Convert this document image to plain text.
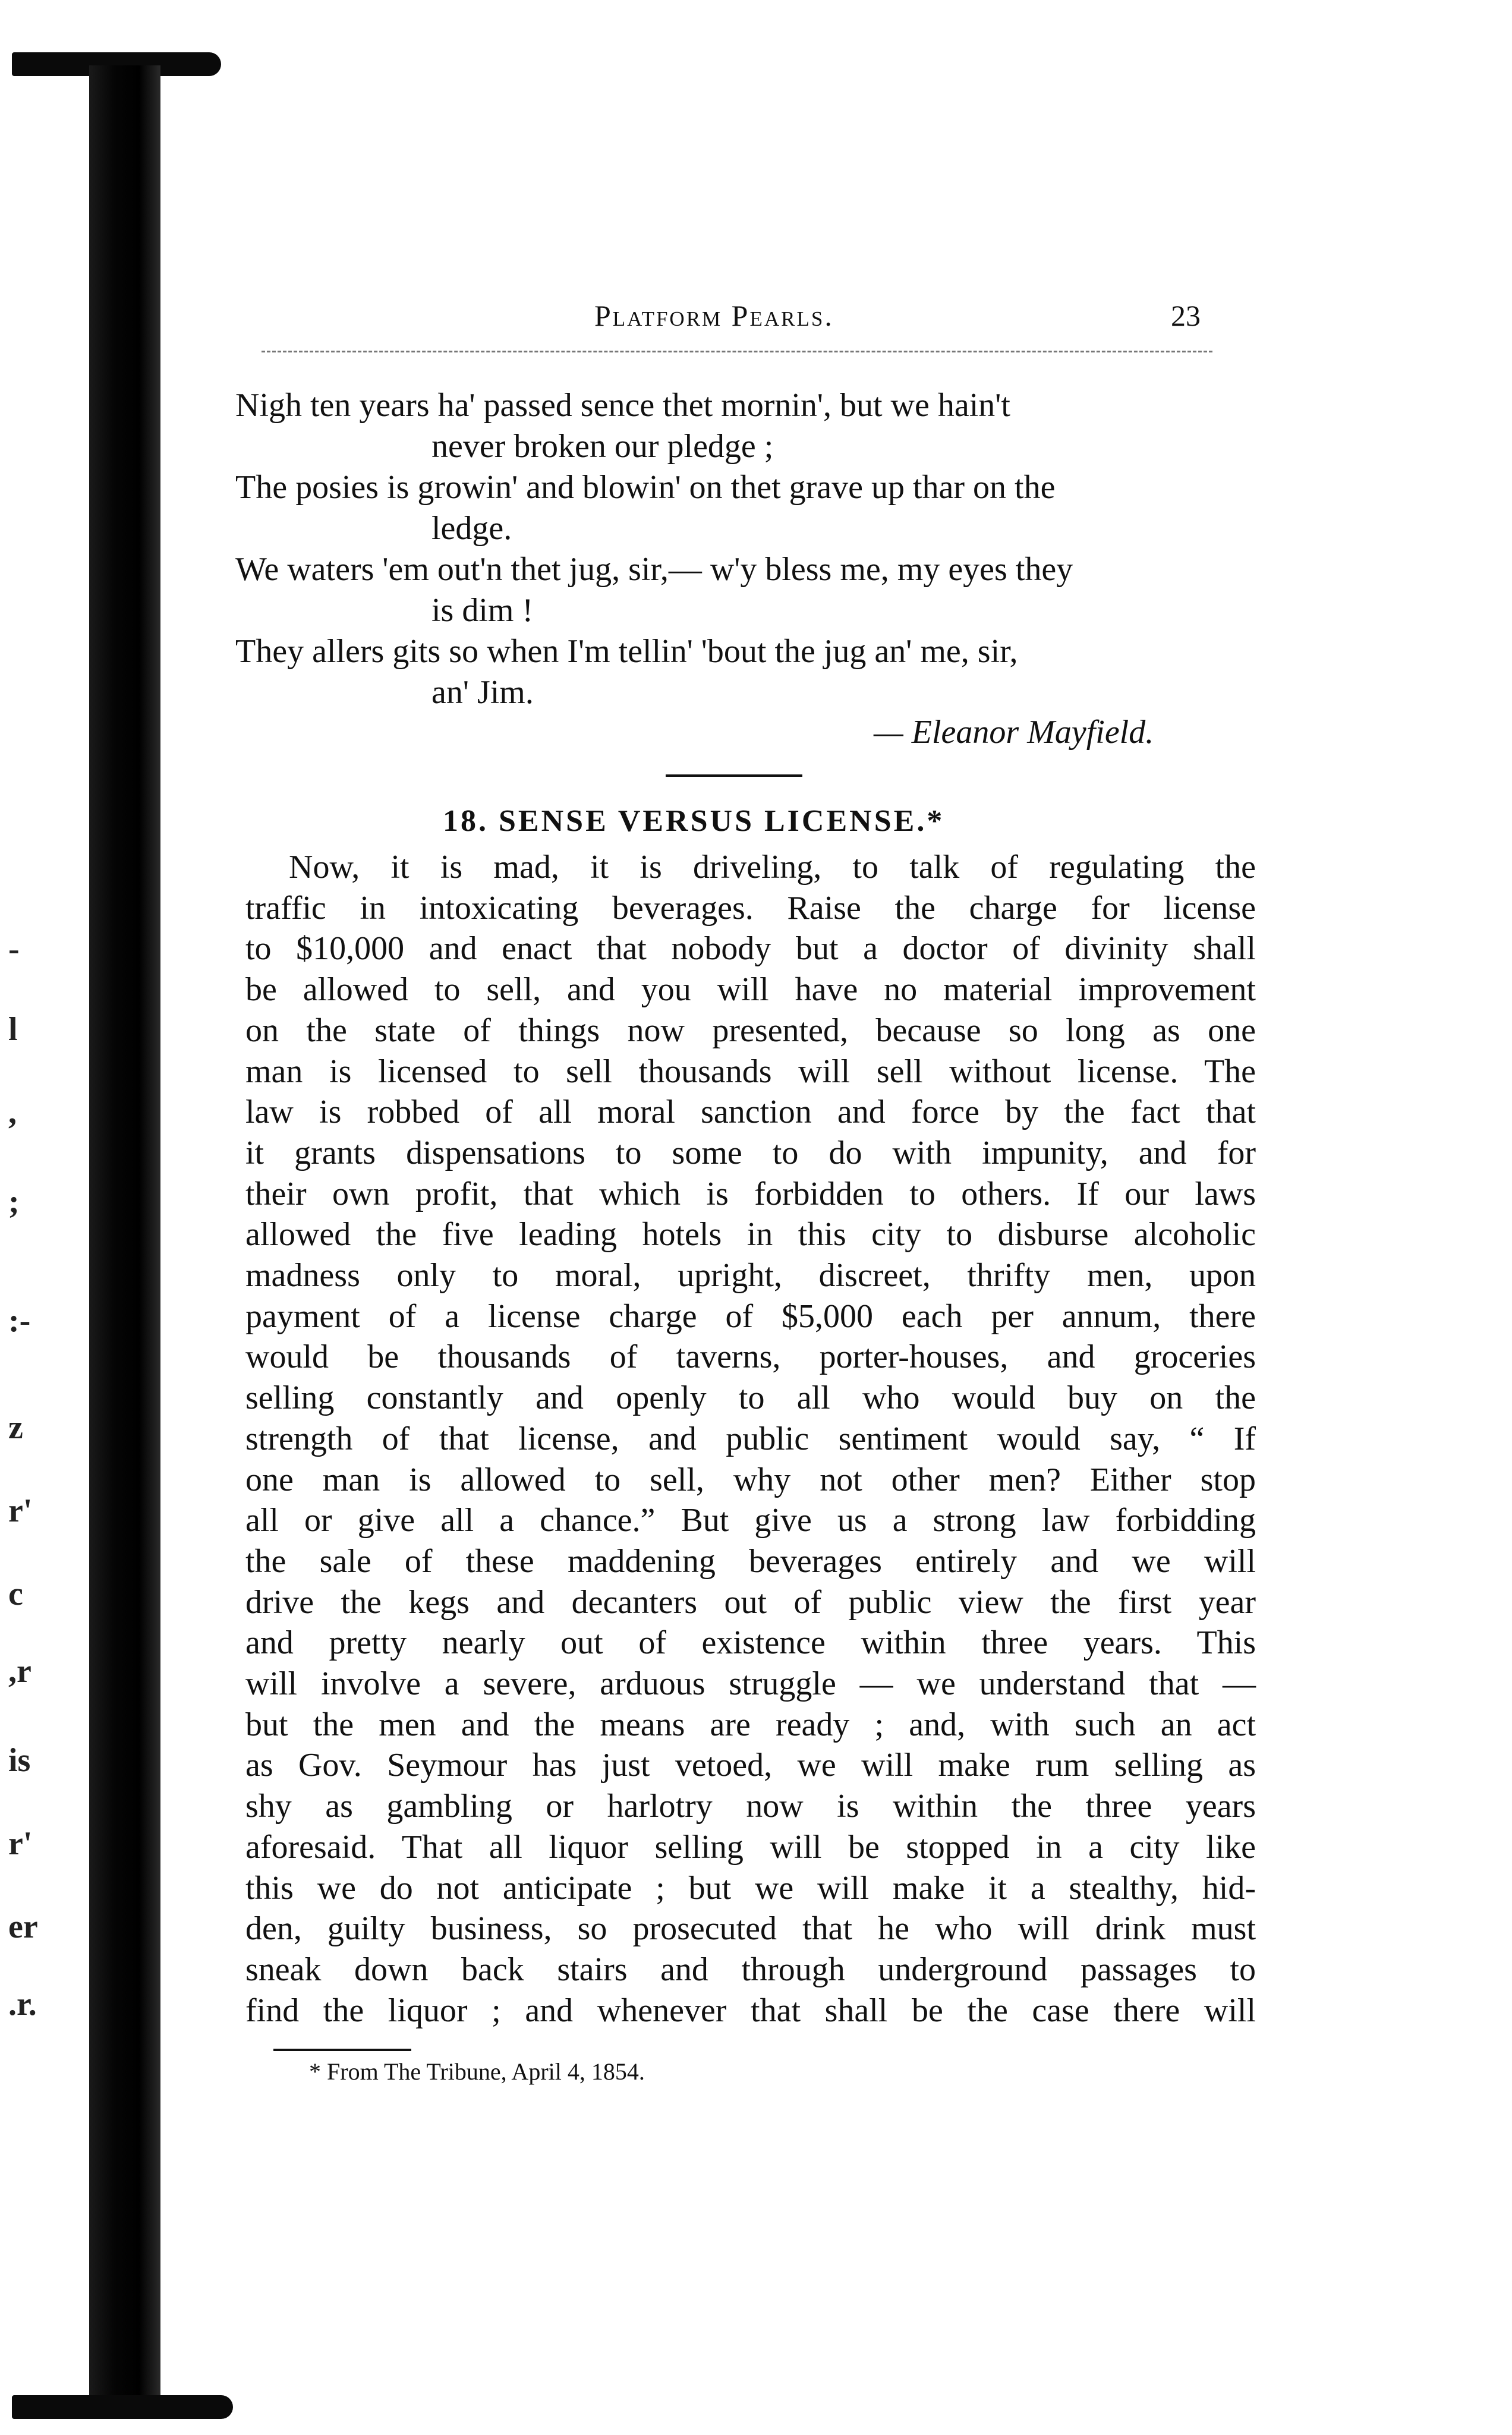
-
l
,
;
:-
z
r'
c
,r
is
r'
er
.r.
Platform Pearls.	23
Nigh ten years ha' passed sence thet mornin', but we hain't
never broken our pledge ;
The posies is growin' and blowin' on thet grave up thar on the
ledge.
We waters 'em out'n thet jug, sir,— w'y bless me, my eyes they
is dim !
They allers gits so when I'm tellin' 'bout the jug an' me, sir,
an' Jim.
— Eleanor Mayfield.
18. SENSE VERSUS LICENSE.*
Now, it is mad, it is driveling, to talk of regulating the
traffic in intoxicating beverages. Raise the charge for license
to $10,000 and enact that nobody but a doctor of divinity shall
be allowed to sell, and you will have no material improvement
on the state of things now presented, because so long as one
man is licensed to sell thousands will sell without license. The
law is robbed of all moral sanction and force by the fact that
it grants dispensations to some to do with impunity, and for
their own profit, that which is forbidden to others. If our laws
allowed the five leading hotels in this city to disburse alcoholic
madness only to moral, upright, discreet, thrifty men, upon
payment of a license charge of $5,000 each per annum, there
would be thousands of taverns, porter-houses, and groceries
selling constantly and openly to all who would buy on the
strength of that license, and public sentiment would say, “ If
one man is allowed to sell, why not other men? Either stop
all or give all a chance.” But give us a strong law forbidding
the sale of these maddening beverages entirely and we will
drive the kegs and decanters out of public view the first year
and pretty nearly out of existence within three years. This
will involve a severe, arduous struggle — we understand that —
but the men and the means are ready ; and, with such an act
as Gov. Seymour has just vetoed, we will make rum selling as
shy as gambling or harlotry now is within the three years
aforesaid. That all liquor selling will be stopped in a city like
this we do not anticipate ; but we will make it a stealthy, hid-
den, guilty business, so prosecuted that he who will drink must
sneak down back stairs and through underground passages to
find the liquor ; and whenever that shall be the case there will
* From The Tribune, April 4, 1854.
